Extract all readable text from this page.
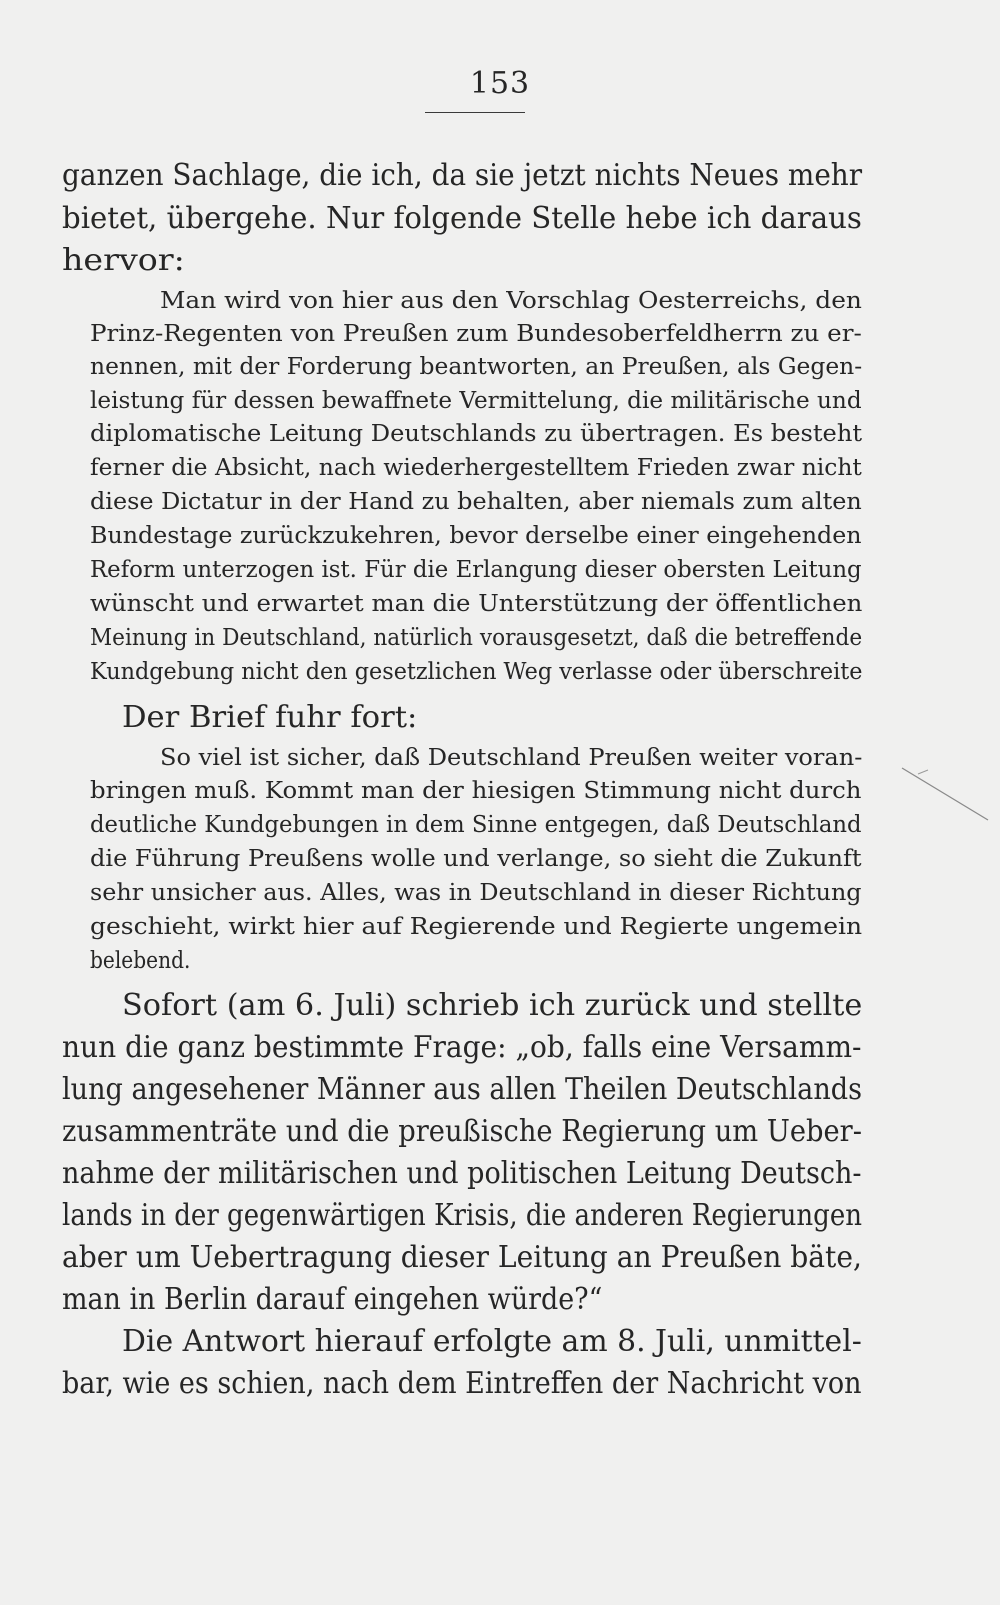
153
ganzen Sachlage, die ich, da sie jetzt nichts Neues mehr
bietet, übergehe. Nur folgende Stelle hebe ich daraus
hervor:
Man wird von hier aus den Vorschlag Oesterreichs, den
Prinz-Regenten von Preußen zum Bundesoberfeldherrn zu er-
nennen, mit der Forderung beantworten, an Preußen, als Gegen-
leistung für dessen bewaffnete Vermittelung, die militärische und
diplomatische Leitung Deutschlands zu übertragen. Es besteht
ferner die Absicht, nach wiederhergestelltem Frieden zwar nicht
diese Dictatur in der Hand zu behalten, aber niemals zum alten
Bundestage zurückzukehren, bevor derselbe einer eingehenden
Reform unterzogen ist. Für die Erlangung dieser obersten Leitung
wünscht und erwartet man die Unterstützung der öffentlichen
Meinung in Deutschland, natürlich vorausgesetzt, daß die betreffende
Kundgebung nicht den gesetzlichen Weg verlasse oder überschreite
Der Brief fuhr fort:
So viel ist sicher, daß Deutschland Preußen weiter voran-
bringen muß. Kommt man der hiesigen Stimmung nicht durch
deutliche Kundgebungen in dem Sinne entgegen, daß Deutschland
die Führung Preußens wolle und verlange, so sieht die Zukunft
sehr unsicher aus. Alles, was in Deutschland in dieser Richtung
geschieht, wirkt hier auf Regierende und Regierte ungemein
belebend.
Sofort (am 6. Juli) schrieb ich zurück und stellte
nun die ganz bestimmte Frage: „ob, falls eine Versamm-
lung angesehener Männer aus allen Theilen Deutschlands
zusammenträte und die preußische Regierung um Ueber-
nahme der militärischen und politischen Leitung Deutsch-
lands in der gegenwärtigen Krisis, die anderen Regierungen
aber um Uebertragung dieser Leitung an Preußen bäte,
man in Berlin darauf eingehen würde?“
Die Antwort hierauf erfolgte am 8. Juli, unmittel-
bar, wie es schien, nach dem Eintreffen der Nachricht von
